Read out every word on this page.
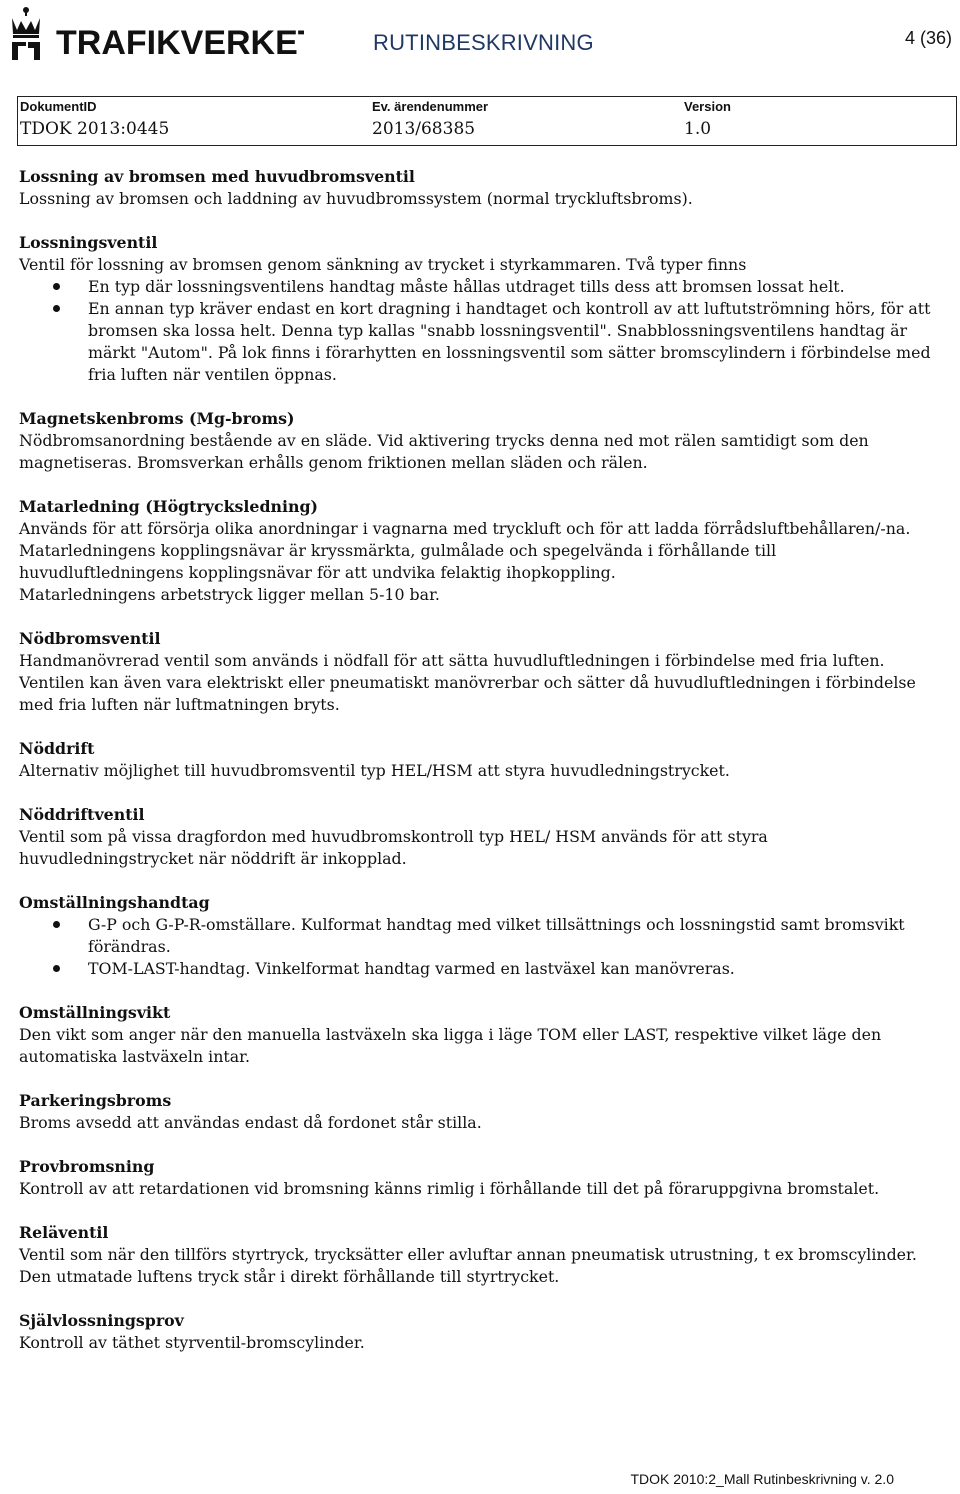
TRAFIKVERKET RUTINBESKRIVNING	4 (36)
DokumentID
TDOK 2013:0445
Ev. ärendenummer
2013/68385
Version
1.0
Lossning av bromsen med huvudbromsventil
Lossning av bromsen och laddning av huvudbromssystem (normal tryckluftsbroms).
Lossningsventil
Ventil för lossning av bromsen genom sänkning av trycket i styrkammaren. Två typer finns
En typ där lossningsventilens handtag måste hållas utdraget tills dess att bromsen lossat helt.
En annan typ kräver endast en kort dragning i handtaget och kontroll av att luftutströmning hörs, för att bromsen ska lossa helt. Denna typ kallas "snabb lossningsventil". Snabblossningsventilens handtag är märkt "Autom". På lok finns i förarhytten en lossningsventil som sätter bromscylindern i förbindelse med fria luften när ventilen öppnas.
Magnetskenbroms (Mg-broms)
Nödbromsanordning bestående av en släde. Vid aktivering trycks denna ned mot rälen samtidigt som den magnetiseras. Bromsverkan erhålls genom friktionen mellan släden och rälen.
Matarledning (Högtrycksledning)
Används för att försörja olika anordningar i vagnarna med tryckluft och för att ladda förrådsluftbehållaren/-na. Matarledningens kopplingsnävar är kryssmärkta, gulmålade och spegelvända i förhållande till huvudluftledningens kopplingsnävar för att undvika felaktig ihopkoppling.
Matarledningens arbetstryck ligger mellan 5-10 bar.
Nödbromsventil
Handmanövrerad ventil som används i nödfall för att sätta huvudluftledningen i förbindelse med fria luften. Ventilen kan även vara elektriskt eller pneumatiskt manövrerbar och sätter då huvudluftledningen i förbindelse med fria luften när luftmatningen bryts.
Nöddrift
Alternativ möjlighet till huvudbromsventil typ HEL/HSM att styra huvudledningstrycket.
Nöddriftventil
Ventil som på vissa dragfordon med huvudbromskontroll typ HEL/ HSM används för att styra huvudledningstrycket när nöddrift är inkopplad.
Omställningshandtag
G-P och G-P-R-omställare. Kulformat handtag med vilket tillsättnings och lossningstid samt bromsvikt förändras.
TOM-LAST-handtag. Vinkelformat handtag varmed en lastväxel kan manövreras.
Omställningsvikt
Den vikt som anger när den manuella lastväxeln ska ligga i läge TOM eller LAST, respektive vilket läge den automatiska lastväxeln intar.
Parkeringsbroms
Broms avsedd att användas endast då fordonet står stilla.
Provbromsning
Kontroll av att retardationen vid bromsning känns rimlig i förhållande till det på föraruppgivna bromstalet.
Reläventil
Ventil som när den tillförs styrtryck, trycksätter eller avluftar annan pneumatisk utrustning, t ex bromscylinder. Den utmatade luftens tryck står i direkt förhållande till styrtrycket.
Självlossningsprov
Kontroll av täthet styrventil-bromscylinder.
TDOK 2010:2_Mall Rutinbeskrivning v. 2.0
